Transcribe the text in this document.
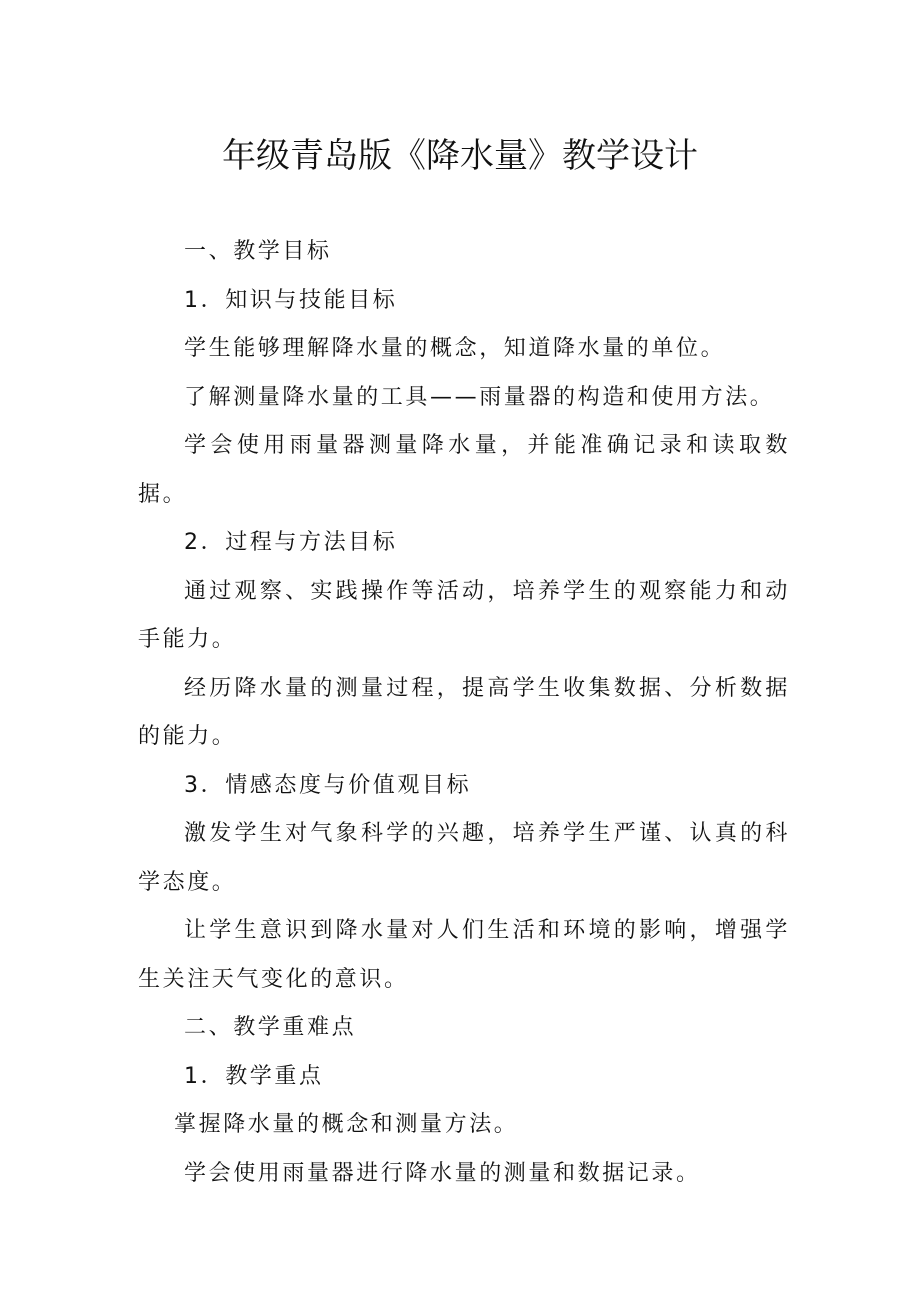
年级青岛版《降水量》教学设计

一、教学目标

1．知识与技能目标

学生能够理解降水量的概念，知道降水量的单位。

了解测量降水量的工具——雨量器的构造和使用方法。

学会使用雨量器测量降水量，并能准确记录和读取数据。

2．过程与方法目标

通过观察、实践操作等活动，培养学生的观察能力和动手能力。

经历降水量的测量过程，提高学生收集数据、分析数据的能力。

3．情感态度与价值观目标

激发学生对气象科学的兴趣，培养学生严谨、认真的科学态度。

让学生意识到降水量对人们生活和环境的影响，增强学生关注天气变化的意识。

二、教学重难点

1．教学重点

掌握降水量的概念和测量方法。

学会使用雨量器进行降水量的测量和数据记录。
